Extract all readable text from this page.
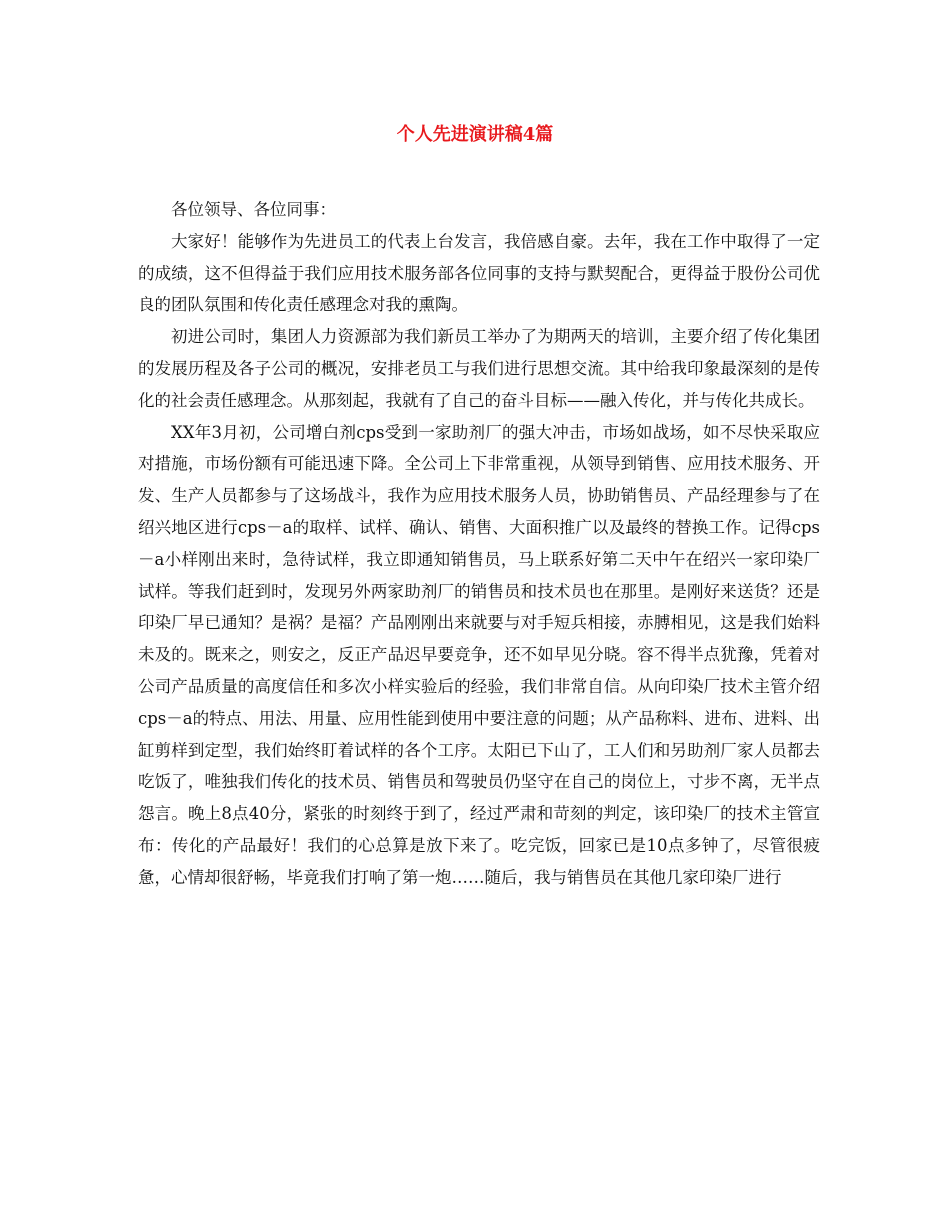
个人先进演讲稿4篇

各位领导、各位同事：

大家好！能够作为先进员工的代表上台发言，我倍感自豪。去年，我在工作中取得了一定的成绩，这不但得益于我们应用技术服务部各位同事的支持与默契配合，更得益于股份公司优良的团队氛围和传化责任感理念对我的熏陶。

初进公司时，集团人力资源部为我们新员工举办了为期两天的培训，主要介绍了传化集团的发展历程及各子公司的概况，安排老员工与我们进行思想交流。其中给我印象最深刻的是传化的社会责任感理念。从那刻起，我就有了自己的奋斗目标——融入传化，并与传化共成长。

XX年3月初，公司增白剂cps受到一家助剂厂的强大冲击，市场如战场，如不尽快采取应对措施，市场份额有可能迅速下降。全公司上下非常重视，从领导到销售、应用技术服务、开发、生产人员都参与了这场战斗，我作为应用技术服务人员，协助销售员、产品经理参与了在绍兴地区进行cps－a的取样、试样、确认、销售、大面积推广以及最终的替换工作。记得cps－a小样刚出来时，急待试样，我立即通知销售员，马上联系好第二天中午在绍兴一家印染厂试样。等我们赶到时，发现另外两家助剂厂的销售员和技术员也在那里。是刚好来送货？还是印染厂早已通知？是祸？是福？产品刚刚出来就要与对手短兵相接，赤膊相见，这是我们始料未及的。既来之，则安之，反正产品迟早要竞争，还不如早见分晓。容不得半点犹豫，凭着对公司产品质量的高度信任和多次小样实验后的经验，我们非常自信。从向印染厂技术主管介绍cps－a的特点、用法、用量、应用性能到使用中要注意的问题；从产品称料、进布、进料、出缸剪样到定型，我们始终盯着试样的各个工序。太阳已下山了，工人们和另助剂厂家人员都去吃饭了，唯独我们传化的技术员、销售员和驾驶员仍坚守在自己的岗位上，寸步不离，无半点怨言。晚上8点40分，紧张的时刻终于到了，经过严肃和苛刻的判定，该印染厂的技术主管宣布：传化的产品最好！我们的心总算是放下来了。吃完饭，回家已是10点多钟了，尽管很疲惫，心情却很舒畅，毕竟我们打响了第一炮……随后，我与销售员在其他几家印染厂进行
